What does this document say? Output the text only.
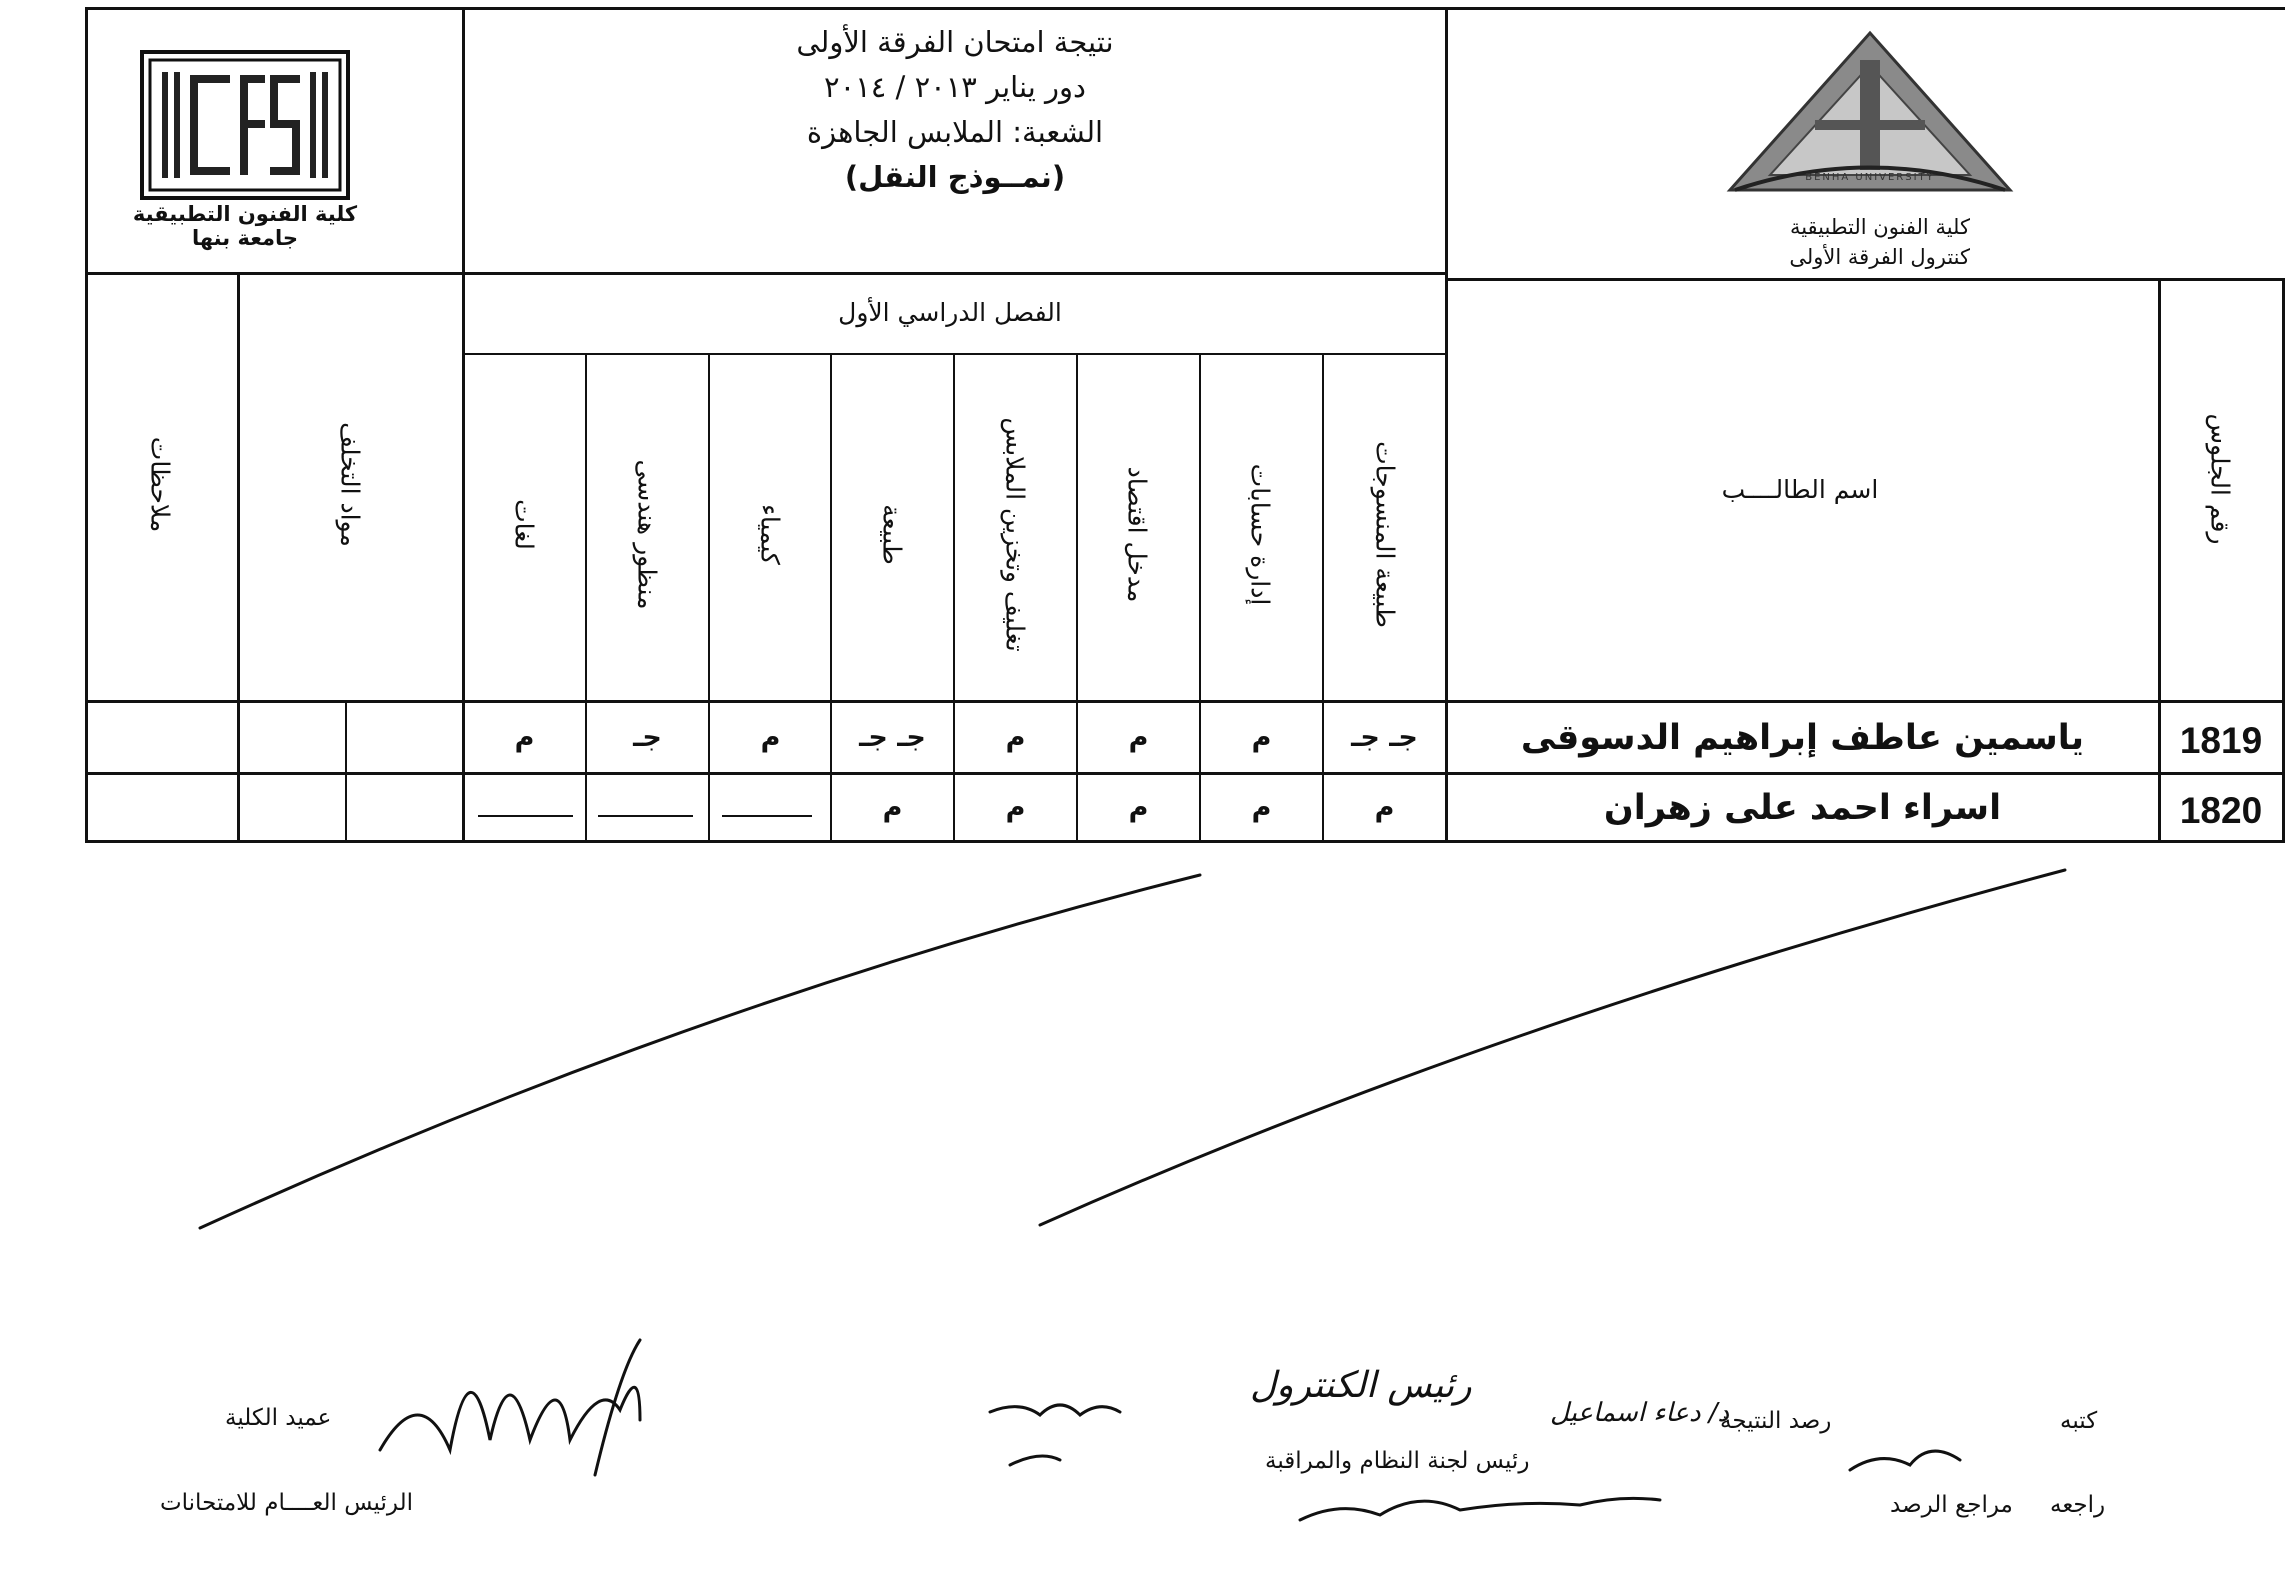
كلية الفنون التطبيقية
جامعة بنها
نتيجة امتحان الفرقة الأولى
دور يناير ٢٠١٣ / ٢٠١٤
الشعبة: الملابس الجاهزة
(نمــوذج النقل)	BENHA UNIVERSITY
كلية الفنون التطبيقية
كنترول الفرقة الأولى
رقم الجلوس
اسم الطالــــب
الفصل الدراسي الأول
طبيعة المنسوجات
إدارة حسابات
مدخل اقتصاد
تغليف وتخزين الملابس
طبيعة
كيمياء
منظور هندسى
لغات
مواد التخلف
ملاحظات
1819
ياسمين عاطف إبراهيم الدسوقى
جـ جـ
م
م
م
جـ جـ
م
جـ
م
1820
اسراء احمد على زهران
م
م
م
م
م
كتبه
رصد النتيجة
د/ دعاء اسماعيل
رئيس الكنترول
رئيس لجنة النظام والمراقبة
راجعه
مراجع الرصد
عميد الكلية
الرئيس العــــام للامتحانات
